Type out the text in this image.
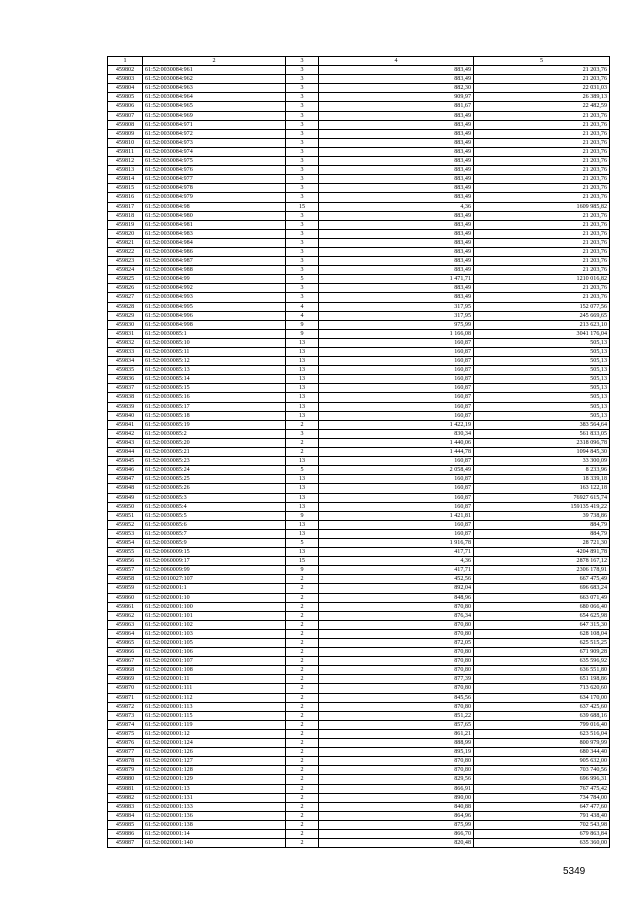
1	2	3	4	5
459802	61:52:0030084:961	3	883,49	21 203,76
459803	61:52:0030084:962	3	883,49	21 203,76
459804	61:52:0030084:963	3	882,30	22 031,03
459805	61:52:0030084:964	3	909,97	26 389,13
459806	61:52:0030084:965	3	881,67	22 482,59
459807	61:52:0030084:969	3	883,49	21 203,76
459808	61:52:0030084:971	3	883,49	21 203,76
459809	61:52:0030084:972	3	883,49	21 203,76
459810	61:52:0030084:973	3	883,49	21 203,76
459811	61:52:0030084:974	3	883,49	21 203,76
459812	61:52:0030084:975	3	883,49	21 203,76
459813	61:52:0030084:976	3	883,49	21 203,76
459814	61:52:0030084:977	3	883,49	21 203,76
459815	61:52:0030084:978	3	883,49	21 203,76
459816	61:52:0030084:979	3	883,49	21 203,76
459817	61:52:0030084:98	15	4,36	1609 985,82
459818	61:52:0030084:980	3	883,49	21 203,76
459819	61:52:0030084:981	3	883,49	21 203,76
459820	61:52:0030084:983	3	883,49	21 203,76
459821	61:52:0030084:984	3	883,49	21 203,76
459822	61:52:0030084:986	3	883,49	21 203,76
459823	61:52:0030084:987	3	883,49	21 203,76
459824	61:52:0030084:988	3	883,49	21 203,76
459825	61:52:0030084:99	5	1 471,71	1210 016,82
459826	61:52:0030084:992	3	883,49	21 203,76
459827	61:52:0030084:993	3	883,49	21 203,76
459828	61:52:0030084:995	4	317,95	152 077,56
459829	61:52:0030084:996	4	317,95	245 669,65
459830	61:52:0030084:998	9	975,99	213 623,10
459831	61:52:0030085:1	9	1 166,08	3041 176,04
459832	61:52:0030085:10	13	160,87	505,13
459833	61:52:0030085:11	13	160,87	505,13
459834	61:52:0030085:12	13	160,87	505,13
459835	61:52:0030085:13	13	160,87	505,13
459836	61:52:0030085:14	13	160,87	505,13
459837	61:52:0030085:15	13	160,87	505,13
459838	61:52:0030085:16	13	160,87	505,13
459839	61:52:0030085:17	13	160,87	505,13
459840	61:52:0030085:18	13	160,87	505,13
459841	61:52:0030085:19	2	1 422,19	383 564,64
459842	61:52:0030085:2	3	830,34	561 833,05
459843	61:52:0030085:20	2	1 440,06	2318 096,78
459844	61:52:0030085:21	2	1 444,78	1094 845,30
459845	61:52:0030085:23	13	160,87	33 300,09
459846	61:52:0030085:24	5	2 058,49	8 233,96
459847	61:52:0030085:25	13	160,87	18 339,18
459848	61:52:0030085:26	13	160,87	163 122,18
459849	61:52:0030085:3	13	160,87	76927 615,74
459850	61:52:0030085:4	13	160,87	159135 419,22
459851	61:52:0030085:5	9	1 421,81	39 738,86
459852	61:52:0030085:6	13	160,87	884,79
459853	61:52:0030085:7	13	160,87	884,79
459854	61:52:0030085:9	5	1 916,78	28 721,30
459855	61:52:0060009:15	13	417,71	4204 891,78
459856	61:52:0060009:17	15	4,36	2878 167,12
459857	61:52:0060009:99	9	417,71	2306 178,91
459858	61:52:0010027:107	2	452,56	667 475,49
459859	61:52:0020001:1	2	892,04	696 683,24
459860	61:52:0020001:10	2	848,96	663 071,49
459861	61:52:0020001:100	2	870,80	680 066,40
459862	61:52:0020001:101	2	876,34	654 625,98
459863	61:52:0020001:102	2	870,80	647 315,30
459864	61:52:0020001:103	2	870,80	628 108,04
459865	61:52:0020001:105	2	872,05	625 515,25
459866	61:52:0020001:106	2	870,80	671 909,28
459867	61:52:0020001:107	2	870,80	635 596,92
459868	61:52:0020001:108	2	870,80	636 551,80
459869	61:52:0020001:11	2	877,39	651 198,86
459870	61:52:0020001:111	2	870,80	713 620,60
459871	61:52:0020001:112	2	845,56	634 170,00
459872	61:52:0020001:113	2	870,80	637 425,60
459873	61:52:0020001:115	2	851,22	639 688,16
459874	61:52:0020001:119	2	857,65	799 016,40
459875	61:52:0020001:12	2	861,21	623 516,04
459876	61:52:0020001:124	2	888,99	800 979,99
459877	61:52:0020001:126	2	895,19	680 344,40
459878	61:52:0020001:127	2	870,80	905 632,00
459879	61:52:0020001:128	2	870,80	703 740,56
459880	61:52:0020001:129	2	829,56	696 996,31
459881	61:52:0020001:13	2	866,91	767 475,42
459882	61:52:0020001:131	2	890,00	734 784,00
459883	61:52:0020001:133	2	840,88	647 477,60
459884	61:52:0020001:136	2	864,96	791 438,40
459885	61:52:0020001:138	2	875,99	702 543,98
459886	61:52:0020001:14	2	866,70	679 863,84
459887	61:52:0020001:140	2	820,48	635 360,00
5349
